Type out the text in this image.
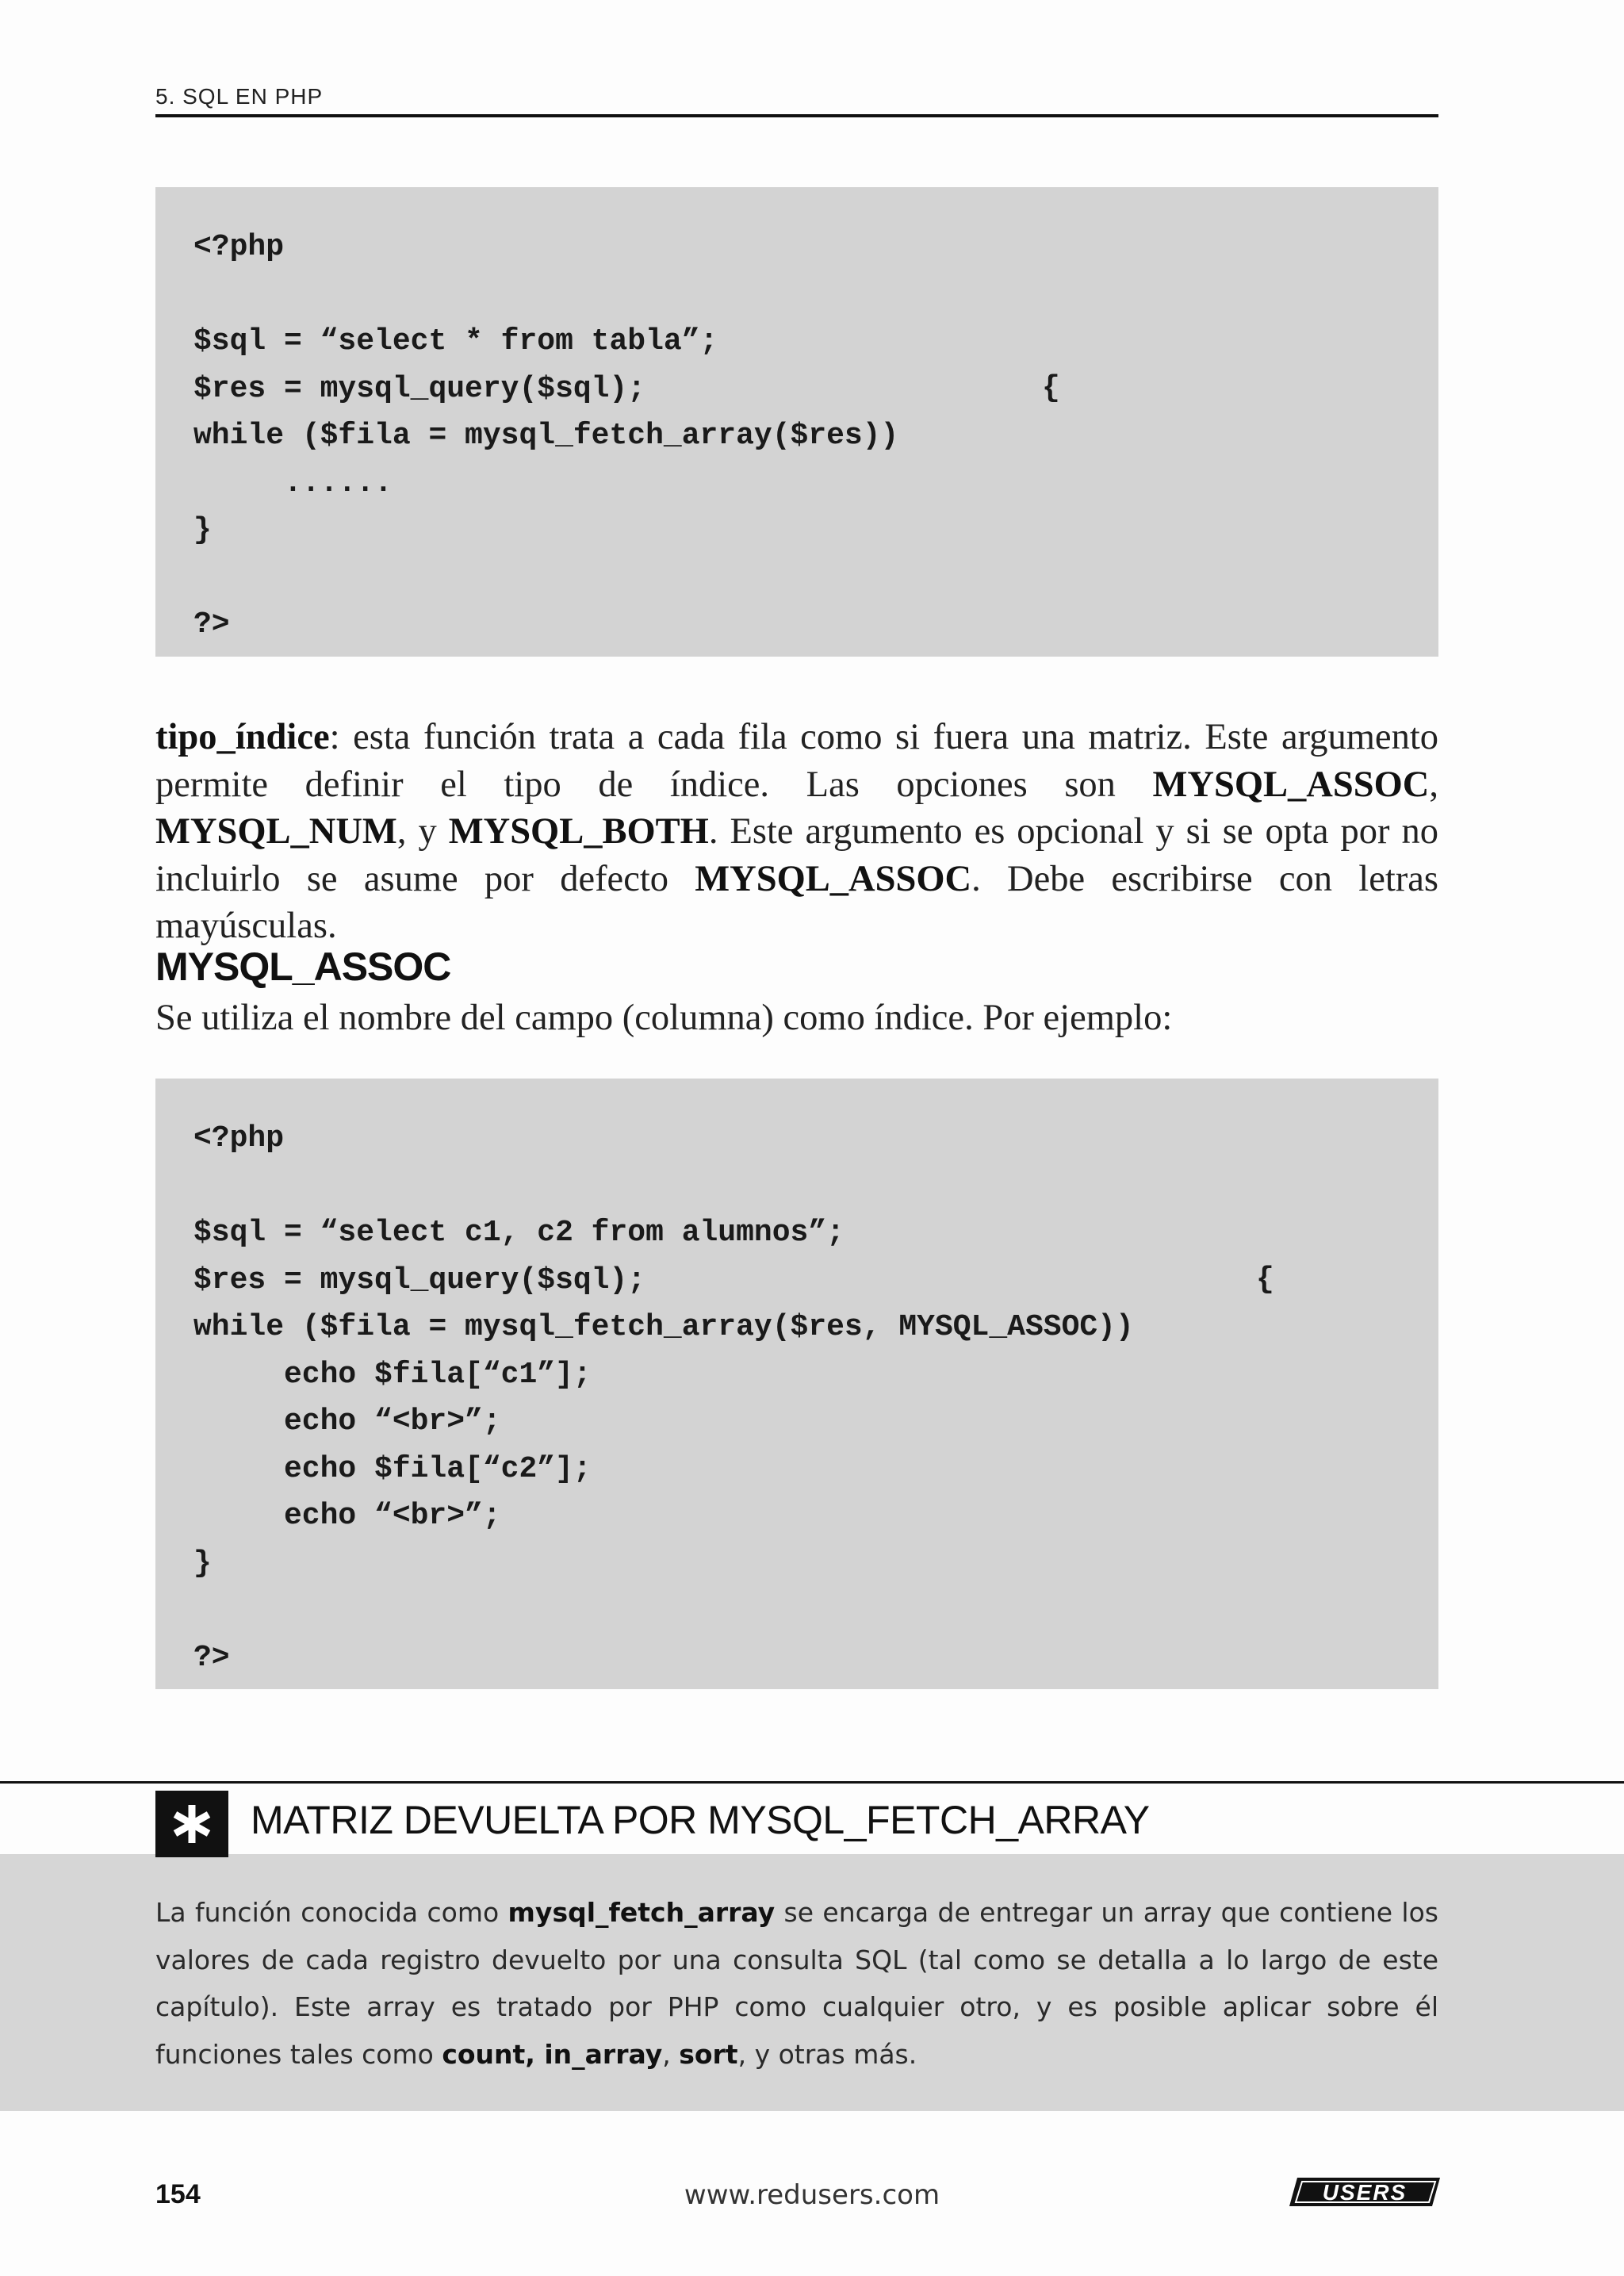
5. SQL EN PHP
<?php
$sql = “select * from tabla”;
$res = mysql_query($sql);
while ($fila = mysql_fetch_array($res))
......
}
?>
{
tipo_índice: esta función trata a cada fila como si fuera una matriz. Este argumento permite definir el tipo de índice. Las opciones son MYSQL_ASSOC, MYSQL_NUM, y MYSQL_BOTH. Este argumento es opcional y si se opta por no incluirlo se asume por defecto MYSQL_ASSOC. Debe escribirse con letras mayúsculas.
MYSQL_ASSOC
Se utiliza el nombre del campo (columna) como índice. Por ejemplo:
<?php
$sql = “select c1, c2 from alumnos”;
$res = mysql_query($sql);
while ($fila = mysql_fetch_array($res, MYSQL_ASSOC))
echo $fila[“c1”];
echo “<br>”;
echo $fila[“c2”];
echo “<br>”;
}
?>
{
MATRIZ DEVUELTA POR MYSQL_FETCH_ARRAY
La función conocida como mysql_fetch_array se encarga de entregar un array que contiene los valores de cada registro devuelto por una consulta SQL (tal como se detalla a lo largo de este capítulo). Este array es tratado por PHP como cualquier otro, y es posible aplicar sobre él funciones tales como count, in_array, sort, y otras más.
154	www.redusers.com	USERS
